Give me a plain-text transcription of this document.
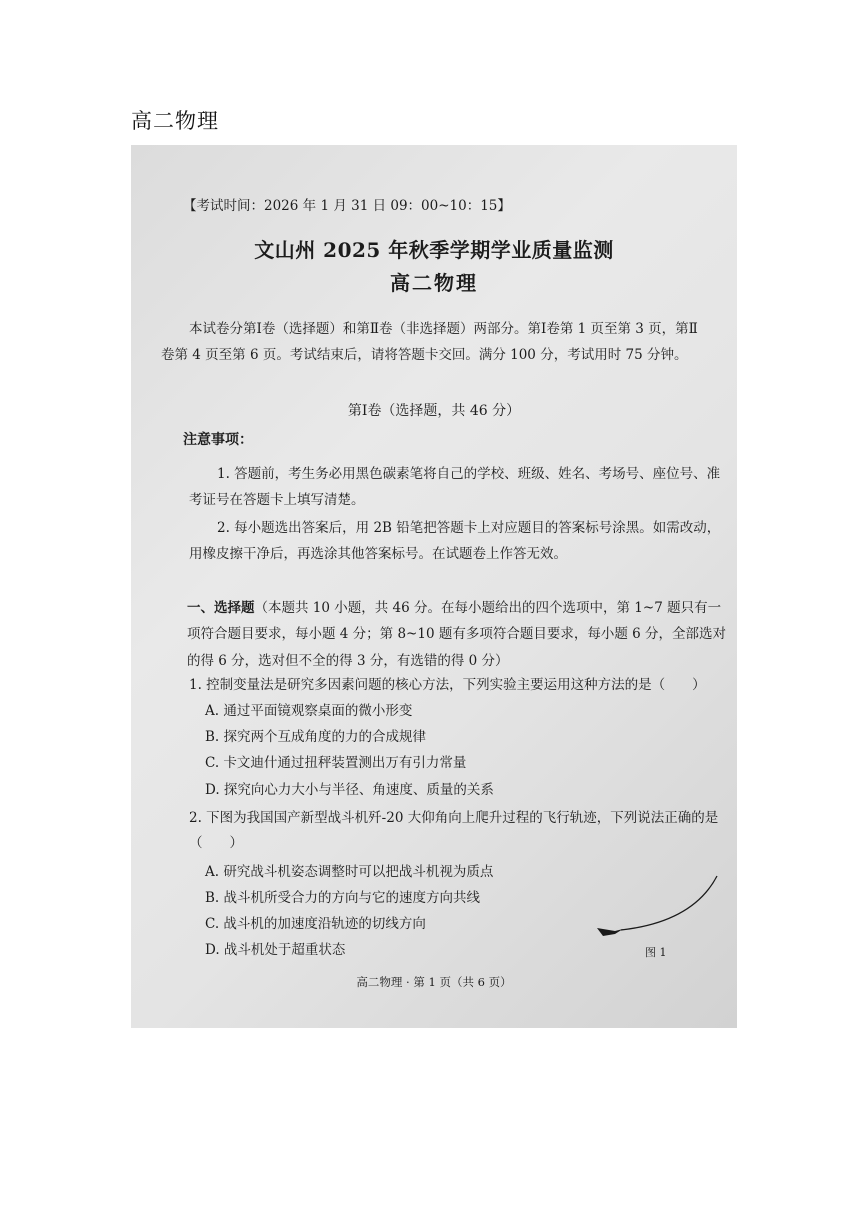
高二物理

【考试时间：2026 年 1 月 31 日 09：00~10：15】
文山州 2025 年秋季学期学业质量监测
高二物理
本试卷分第Ⅰ卷（选择题）和第Ⅱ卷（非选择题）两部分。第Ⅰ卷第 1 页至第 3 页，第Ⅱ卷第 4 页至第 6 页。考试结束后，请将答题卡交回。满分 100 分，考试用时 75 分钟。
第Ⅰ卷（选择题，共 46 分）
注意事项：
1. 答题前，考生务必用黑色碳素笔将自己的学校、班级、姓名、考场号、座位号、准考证号在答题卡上填写清楚。
2. 每小题选出答案后，用 2B 铅笔把答题卡上对应题目的答案标号涂黑。如需改动，用橡皮擦干净后，再选涂其他答案标号。在试题卷上作答无效。
一、选择题（本题共 10 小题，共 46 分。在每小题给出的四个选项中，第 1~7 题只有一项符合题目要求，每小题 4 分；第 8~10 题有多项符合题目要求，每小题 6 分，全部选对的得 6 分，选对但不全的得 3 分，有选错的得 0 分）
1. 控制变量法是研究多因素问题的核心方法，下列实验主要运用这种方法的是（　　）
A. 通过平面镜观察桌面的微小形变
B. 探究两个互成角度的力的合成规律
C. 卡文迪什通过扭秤装置测出万有引力常量
D. 探究向心力大小与半径、角速度、质量的关系
2. 下图为我国国产新型战斗机歼-20 大仰角向上爬升过程的飞行轨迹，下列说法正确的是
（　　）
A. 研究战斗机姿态调整时可以把战斗机视为质点
B. 战斗机所受合力的方向与它的速度方向共线
C. 战斗机的加速度沿轨迹的切线方向
D. 战斗机处于超重状态	图 1
高二物理 · 第 1 页（共 6 页）
